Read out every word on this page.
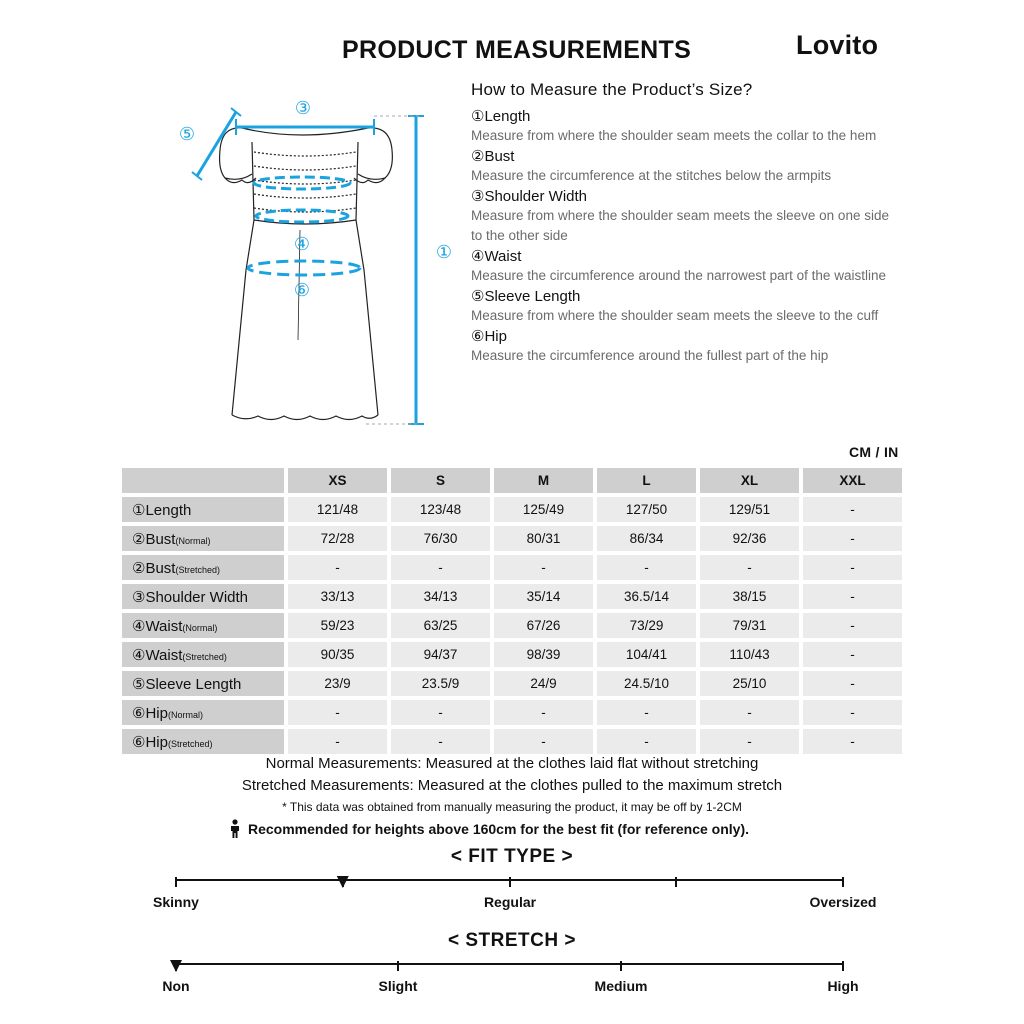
PRODUCT MEASUREMENTS	Lovito
③
⑤
①
④
⑥
How to Measure the Product’s Size?
①Length
Measure from where the shoulder seam meets the collar to the hem
②Bust
Measure the circumference at the stitches below the armpits
③Shoulder Width
Measure from where the shoulder seam meets the sleeve on one side to the other side
④Waist
Measure the circumference around the narrowest part of the waistline
⑤Sleeve Length
Measure from where the shoulder seam meets the sleeve to the cuff
⑥Hip
Measure the circumference around the fullest part of the hip
CM / IN
	XS	S	M	L	XL	XXL
①Length	121/48	123/48	125/49	127/50	129/51	-
②Bust(Normal)	72/28	76/30	80/31	86/34	92/36	-
②Bust(Stretched)	-	-	-	-	-	-
③Shoulder Width	33/13	34/13	35/14	36.5/14	38/15	-
④Waist(Normal)	59/23	63/25	67/26	73/29	79/31	-
④Waist(Stretched)	90/35	94/37	98/39	104/41	110/43	-
⑤Sleeve Length	23/9	23.5/9	24/9	24.5/10	25/10	-
⑥Hip(Normal)	-	-	-	-	-	-
⑥Hip(Stretched)	-	-	-	-	-	-
Normal Measurements: Measured at the clothes laid flat without stretching
Stretched Measurements: Measured at the clothes pulled to the maximum stretch
* This data was obtained from manually measuring the product, it may be off by 1-2CM
Recommended for heights above 160cm for the best fit (for reference only).
< FIT TYPE >
Skinny	Regular	Oversized
< STRETCH >
Non	Slight	Medium	High
